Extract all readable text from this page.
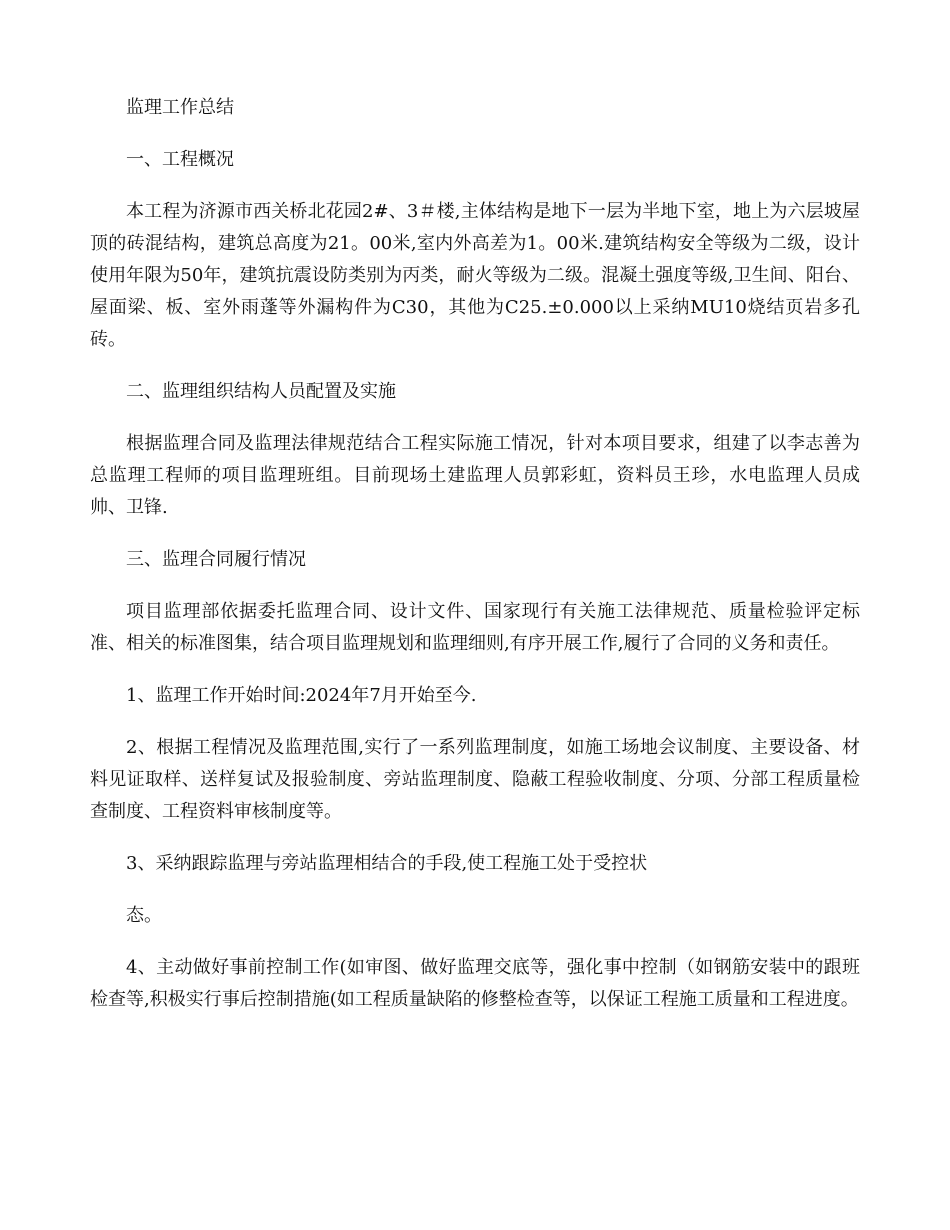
监理工作总结

一、工程概况

本工程为济源市西关桥北花园2#、3＃楼,主体结构是地下一层为半地下室，地上为六层坡屋顶的砖混结构，建筑总高度为21。00米,室内外高差为1。00米.建筑结构安全等级为二级，设计使用年限为50年，建筑抗震设防类别为丙类，耐火等级为二级。混凝土强度等级,卫生间、阳台、屋面梁、板、室外雨蓬等外漏构件为C30，其他为C25.±0.000以上采纳MU10烧结页岩多孔砖。

二、监理组织结构人员配置及实施

根据监理合同及监理法律规范结合工程实际施工情况，针对本项目要求，组建了以李志善为总监理工程师的项目监理班组。目前现场土建监理人员郭彩虹，资料员王珍，水电监理人员成帅、卫锋.

三、监理合同履行情况

项目监理部依据委托监理合同、设计文件、国家现行有关施工法律规范、质量检验评定标准、相关的标准图集，结合项目监理规划和监理细则,有序开展工作,履行了合同的义务和责任。

1、监理工作开始时间:2024年7月开始至今.

2、根据工程情况及监理范围,实行了一系列监理制度，如施工场地会议制度、主要设备、材料见证取样、送样复试及报验制度、旁站监理制度、隐蔽工程验收制度、分项、分部工程质量检查制度、工程资料审核制度等。

3、采纳跟踪监理与旁站监理相结合的手段,使工程施工处于受控状

态。

4、主动做好事前控制工作(如审图、做好监理交底等，强化事中控制（如钢筋安装中的跟班检查等,积极实行事后控制措施(如工程质量缺陷的修整检查等，以保证工程施工质量和工程进度。
